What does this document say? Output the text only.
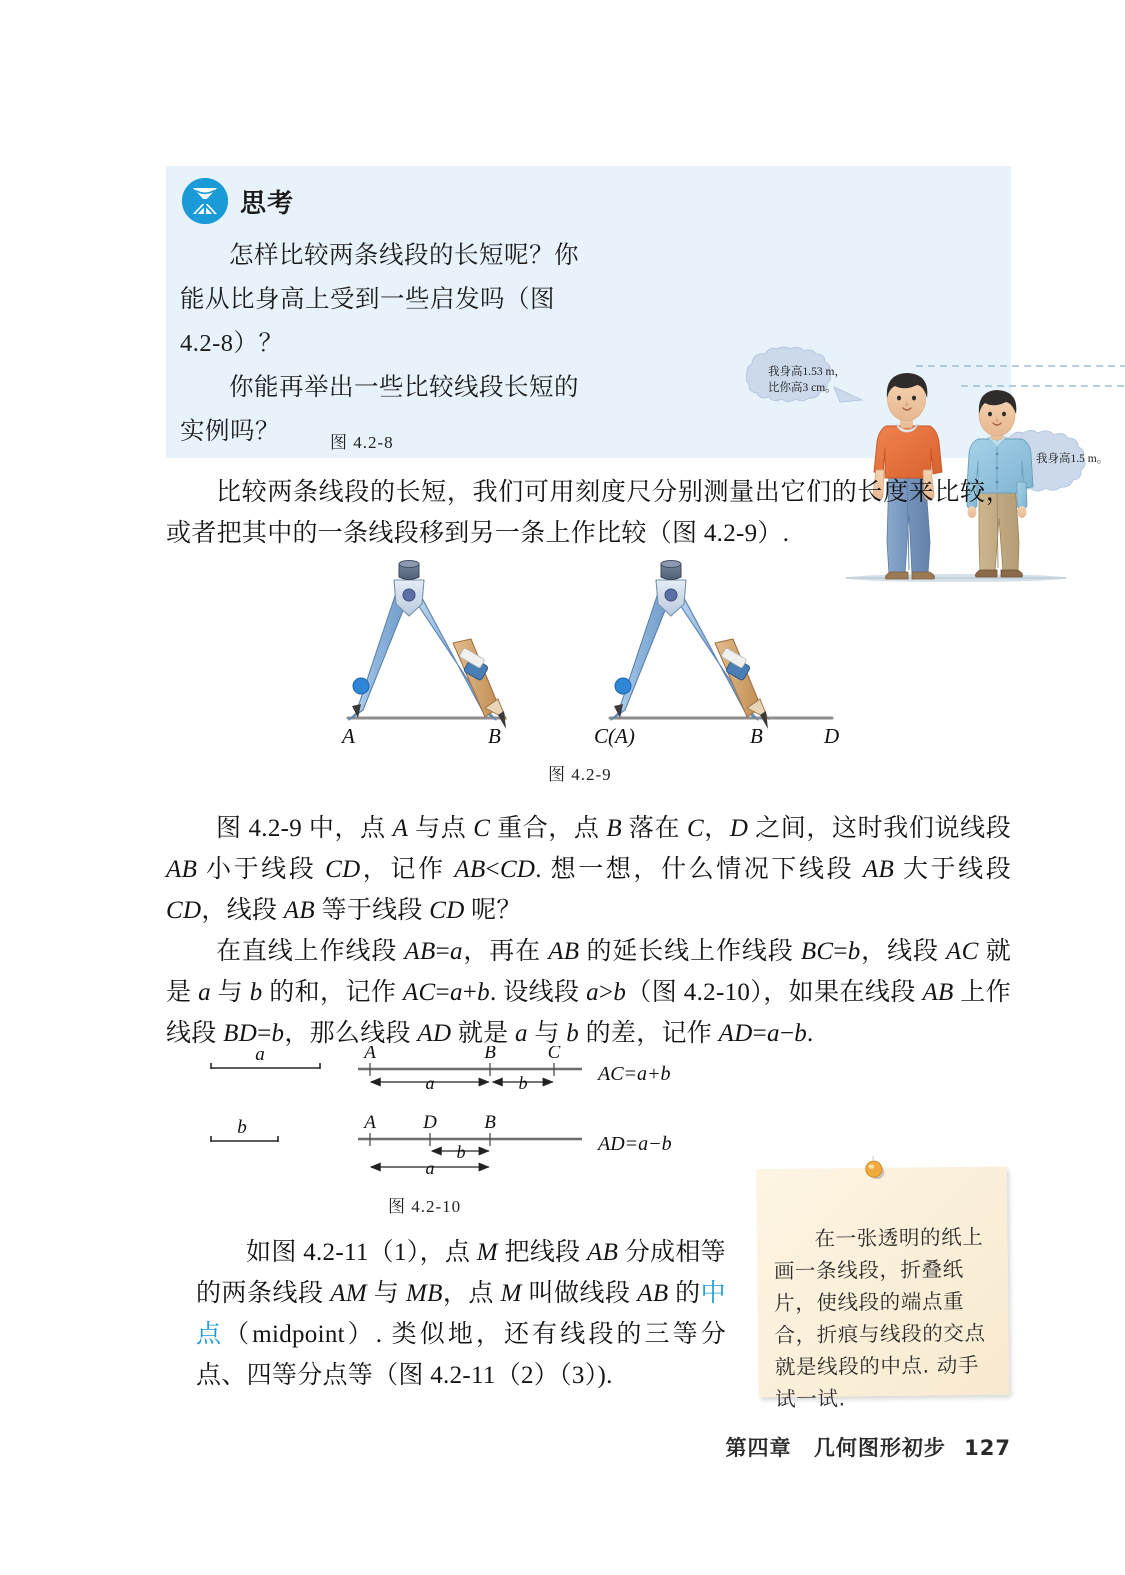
思考

怎样比较两条线段的长短呢？你能从比身高上受到一些启发吗（图 4.2-8）？

你能再举出一些比较线段长短的实例吗？

我身高1.53 m，
比你高3 cm。
我身高1.5 m。
图 4.2-8
比较两条线段的长短，我们可用刻度尺分别测量出它们的长度来比较，或者把其中的一条线段移到另一条上作比较（图 4.2-9）.
A	B	C(A)	B	D
图 4.2-9
图 4.2-9 中，点 A 与点 C 重合，点 B 落在 C，D 之间，这时我们说线段 AB 小于线段 CD，记作 AB<CD. 想一想，什么情况下线段 AB 大于线段 CD，线段 AB 等于线段 CD 呢？
在直线上作线段 AB=a，再在 AB 的延长线上作线段 BC=b，线段 AC 就是 a 与 b 的和，记作 AC=a+b. 设线段 a>b（图 4.2-10），如果在线段 AB 上作线段 BD=b，那么线段 AD 就是 a 与 b 的差，记作 AD=a−b.
a
b
A	B	C
a	b	AC=a+b
A D B
b
a
AD=a−b
图 4.2-10
如图 4.2-11（1），点 M 把线段 AB 分成相等的两条线段 AM 与 MB，点 M 叫做线段 AB 的中点（midpoint）. 类似地，还有线段的三等分点、四等分点等（图 4.2-11（2）（3）).
在一张透明的纸上画一条线段，折叠纸片，使线段的端点重合，折痕与线段的交点就是线段的中点. 动手试一试.
第四章 几何图形初步 127
